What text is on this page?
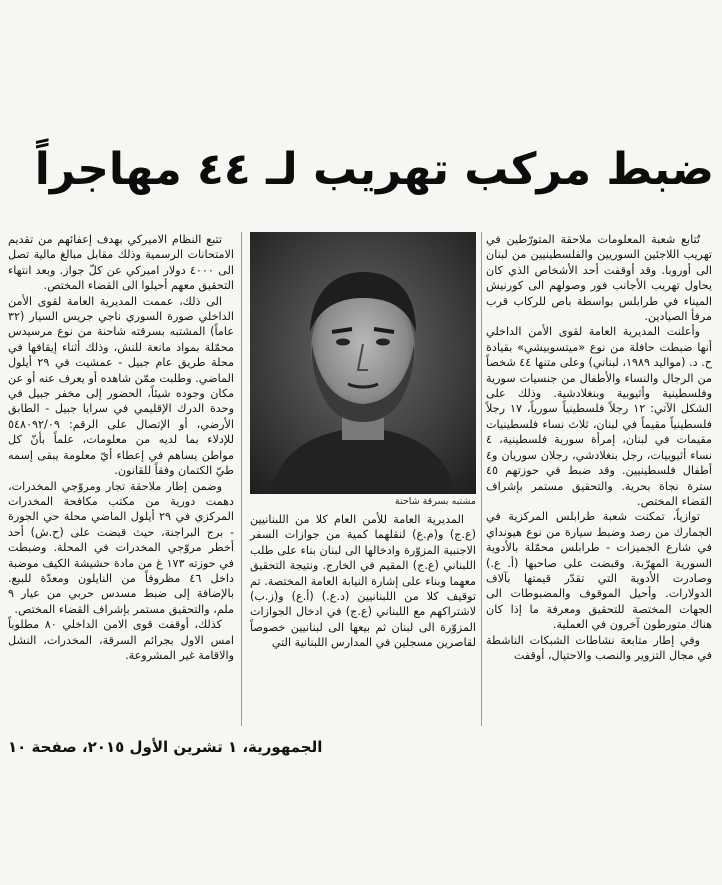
ضبط مركب تهريب لـ ٤٤ مهاجراً

تُتابع شعبة المعلومات ملاحقة المتورّطين في تهريب اللاجئين السوريين والفلسطينيين من لبنان الى أوروبا. وقد أوقفت أحد الأشخاص الذي كان يحاول تهريب الأجانب فور وصولهم الى كورنيش الميناء في طرابلس بواسطة باص للركاب قرب مرفأ الصيادين.

وأعلنت المديرية العامة لقوى الأمن الداخلي أنها ضبطت حافلة من نوع «ميتسوبيشي» بقيادة ح. د. (مواليد ١٩٨٩، لبناني) وعلى متنها ٤٤ شخصاً من الرجال والنساء والأطفال من جنسيات سورية وفلسطينية وأثيوبية وبنغلادشية. وذلك على الشكل الآتي: ١٢ رجلاً فلسطينياً سورياً، ١٧ رجلاً فلسطينياً مقيماً في لبنان، ثلاث نساء فلسطينيات مقيمات في لبنان، إمرأة سورية فلسطينية، ٤ نساء أثيوبيات، رجل بنغلادشي، رجلان سوريان و٤ أطفال فلسطينيين. وقد ضبط في حوزتهم ٤٥ سترة نجاة بحرية. والتحقيق مستمر بإشراف القضاء المختص.

توازياً، تمكنت شعبة طرابلس المركزية في الجمارك من رصد وضبط سيارة من نوع هيونداي في شارع الجميزات - طرابلس محمّلة بالأدوية السورية المهرّبة. وقبضت على صاحبها (أ. ع.) وصادرت الأدوية التي تقدّر قيمتها بآلاف الدولارات. وأحيل الموقوف والمضبوطات الى الجهات المختصة للتحقيق ومعرفة ما إذا كان هناك متورطون آخرون في العملية.

وفي إطار متابعة نشاطات الشبكات الناشطة في مجال التزوير والنصب والاحتيال، أوقفت

مشتبه بسرقة شاحنة

المديرية العامة للأمن العام كلا من اللبنانيين (ع.ج) و(م.ع) لنقلهما كمية من جوازات السفر الاجنبية المزوّرة وادخالها الى لبنان بناء على طلب اللبناني (ع.ج) المقيم في الخارج. ونتيجة التحقيق معهما وبناء على إشارة النيابة العامة المختصة. تم توقيف كلا من اللبنانيين (د.ع.) (أ.ع) و(ز.ب) لاشتراكهم مع اللبناني (ع.ج) في ادخال الجوازات المزوّرة الى لبنان ثم بيعها الى لبنانيين خصوصاً لقاصرين مسجلين في المدارس اللبنانية التي

تتبع النظام الاميركي بهدف إعفائهم من تقديم الامتحانات الرسمية وذلك مقابل مبالغ مالية تصل الى ٤٠٠٠ دولار اميركي عن كلّ جواز. وبعد انتهاء التحقيق معهم أحيلوا الى القضاء المختص.

الى ذلك، عممت المديرية العامة لقوى الأمن الداخلي صورة السوري ناجي جريس السيار (٣٢ عاماً) المشتبه بسرقته شاحنة من نوع مرسيدس محمّلة بمواد مانعة للنش، وذلك أثناء إيقافها في محلة طريق عام جبيل - عمشيت في ٢٩ أيلول الماضي. وطلبت ممّن شاهده أو يعرف عنه أو عن مكان وجوده شيئاً، الحضور إلى مخفر جبيل في وحدة الدرك الإقليمي في سرايا جبيل - الطابق الأرضي، أو الإتصال على الرقم: ٥٤٨٠٩٢/٠٩ للإدلاء بما لديه من معلومات، علماً بأنّ كل مواطن يساهم في إعطاء أيّ معلومة يبقى إسمه طيّ الكتمان وفقاً للقانون.

وضمن إطار ملاحقة تجار ومروّجي المخدرات، دهمت دورية من مكتب مكافحة المخدرات المركزي في ٢٩ أيلول الماضي محلة حي الجورة - برج البراجنة، حيث قبضت على (ح.ش) أحد أخطر مروّجي المخدرات في المحلة. وضبطت في حوزته ١٧٣ غ من مادة حشيشة الكيف موضبة داخل ٤٦ مظروفاً من النايلون ومعدّة للبيع. بالإضافة إلى ضبط مسدس حربي من عيار ٩ ملم، والتحقيق مستمر بإشراف القضاء المختص.

كذلك، أوقفت قوى الامن الداخلي ٨٠ مطلوباً امس الاول بجرائم السرقة، المخدرات، النشل والاقامة غير المشروعة.

الجمهورية، ١ تشرين الأول ٢٠١٥، صفحة ١٠
